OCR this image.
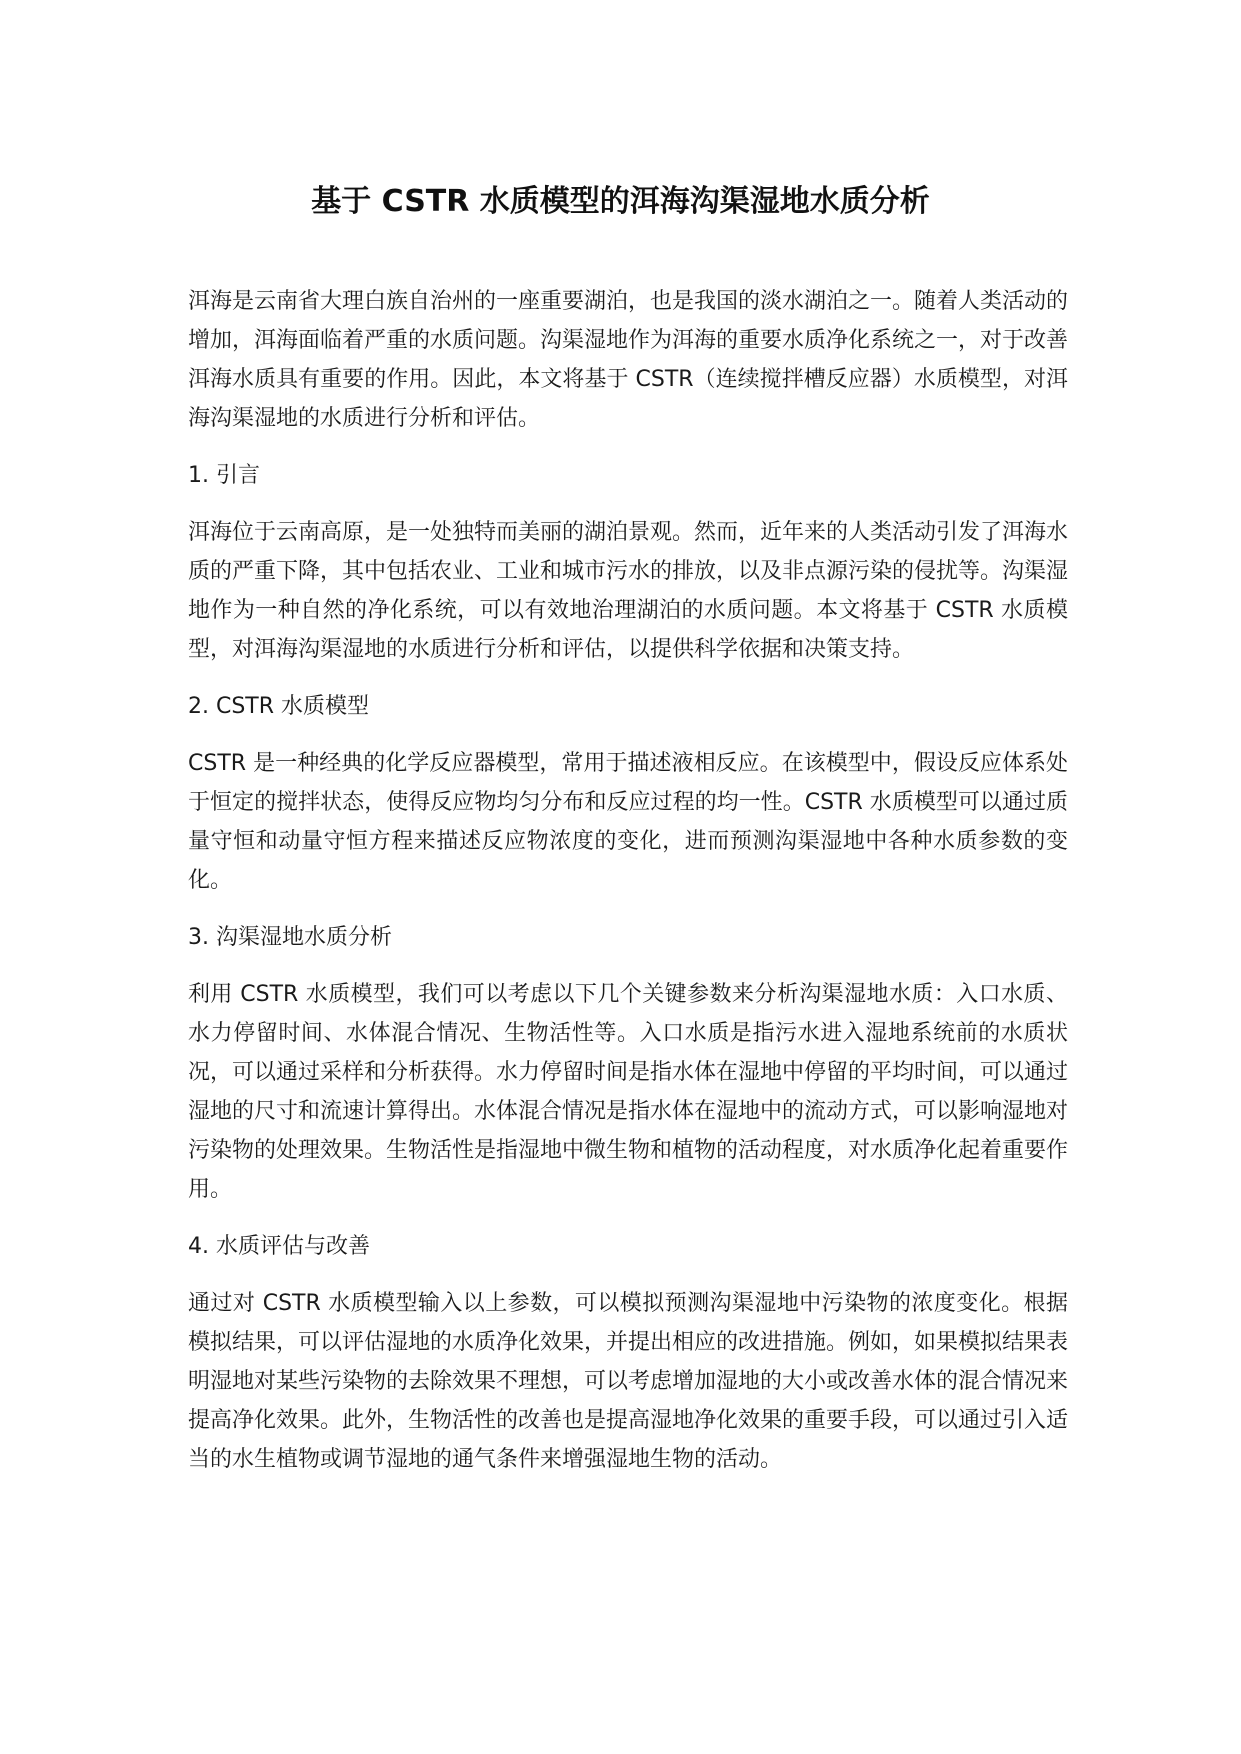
基于 CSTR 水质模型的洱海沟渠湿地水质分析

洱海是云南省大理白族自治州的一座重要湖泊，也是我国的淡水湖泊之一。随着人类活动的增加，洱海面临着严重的水质问题。沟渠湿地作为洱海的重要水质净化系统之一，对于改善洱海水质具有重要的作用。因此，本文将基于 CSTR（连续搅拌槽反应器）水质模型，对洱海沟渠湿地的水质进行分析和评估。

1. 引言

洱海位于云南高原，是一处独特而美丽的湖泊景观。然而，近年来的人类活动引发了洱海水质的严重下降，其中包括农业、工业和城市污水的排放，以及非点源污染的侵扰等。沟渠湿地作为一种自然的净化系统，可以有效地治理湖泊的水质问题。本文将基于 CSTR 水质模型，对洱海沟渠湿地的水质进行分析和评估，以提供科学依据和决策支持。

2. CSTR 水质模型

CSTR 是一种经典的化学反应器模型，常用于描述液相反应。在该模型中，假设反应体系处于恒定的搅拌状态，使得反应物均匀分布和反应过程的均一性。CSTR 水质模型可以通过质量守恒和动量守恒方程来描述反应物浓度的变化，进而预测沟渠湿地中各种水质参数的变化。

3. 沟渠湿地水质分析

利用 CSTR 水质模型，我们可以考虑以下几个关键参数来分析沟渠湿地水质：入口水质、水力停留时间、水体混合情况、生物活性等。入口水质是指污水进入湿地系统前的水质状况，可以通过采样和分析获得。水力停留时间是指水体在湿地中停留的平均时间，可以通过湿地的尺寸和流速计算得出。水体混合情况是指水体在湿地中的流动方式，可以影响湿地对污染物的处理效果。生物活性是指湿地中微生物和植物的活动程度，对水质净化起着重要作用。

4. 水质评估与改善

通过对 CSTR 水质模型输入以上参数，可以模拟预测沟渠湿地中污染物的浓度变化。根据模拟结果，可以评估湿地的水质净化效果，并提出相应的改进措施。例如，如果模拟结果表明湿地对某些污染物的去除效果不理想，可以考虑增加湿地的大小或改善水体的混合情况来提高净化效果。此外，生物活性的改善也是提高湿地净化效果的重要手段，可以通过引入适当的水生植物或调节湿地的通气条件来增强湿地生物的活动。
